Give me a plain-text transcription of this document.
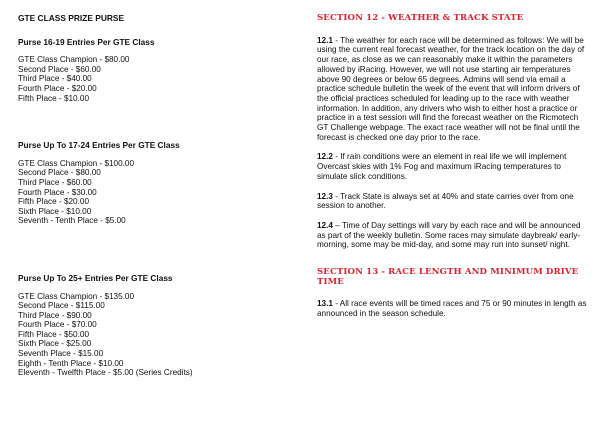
GTE CLASS PRIZE PURSE
Purse 16-19 Entries Per GTE Class
GTE Class Champion - $80.00
Second Place - $60.00
Third Place - $40.00
Fourth Place - $20.00
Fifth Place - $10.00
Purse Up To 17-24 Entries Per GTE Class
GTE Class Champion - $100.00
Second Place - $80.00
Third Place - $60.00
Fourth Place - $30.00
Fifth Place - $20.00
Sixth Place - $10.00
Seventh - Tenth Place - $5.00
Purse Up To 25+ Entries Per GTE Class
GTE Class Champion - $135.00
Second Place - $115.00
Third Place - $90.00
Fourth Place - $70.00
Fifth Place - $50.00
Sixth Place - $25.00
Seventh Place - $15.00
Eighth - Tenth Place - $10.00
Eleventh - Twelfth Place - $5.00 (Series Credits)
SECTION 12 - WEATHER & TRACK STATE

12.1 - The weather for each race will be determined as follows: We will be using the current real forecast weather, for the track location on the day of our race, as close as we can reasonably make it within the parameters allowed by iRacing. However, we will not use starting air temperatures above 90 degrees or below 65 degrees. Admins will send via email a practice schedule bulletin the week of the event that will inform drivers of the official practices scheduled for leading up to the race with weather information. In addition, any drivers who wish to either host a practice or practice in a test session will find the forecast weather on the Ricmotech GT Challenge webpage. The exact race weather will not be final until the forecast is checked one day prior to the race.

12.2 - If rain conditions were an element in real life we will implement Overcast skies with 1% Fog and maximum iRacing temperatures to simulate slick conditions.

12.3 - Track State is always set at 40% and state carries over from one session to another.

12.4 – Time of Day settings will vary by each race and will be announced as part of the weekly bulletin. Some races may simulate daybreak/ early-morning, some may be mid-day, and some may run into sunset/ night.

SECTION 13 - RACE LENGTH AND MINIMUM DRIVE TIME

13.1 - All race events will be timed races and 75 or 90 minutes in length as announced in the season schedule.
